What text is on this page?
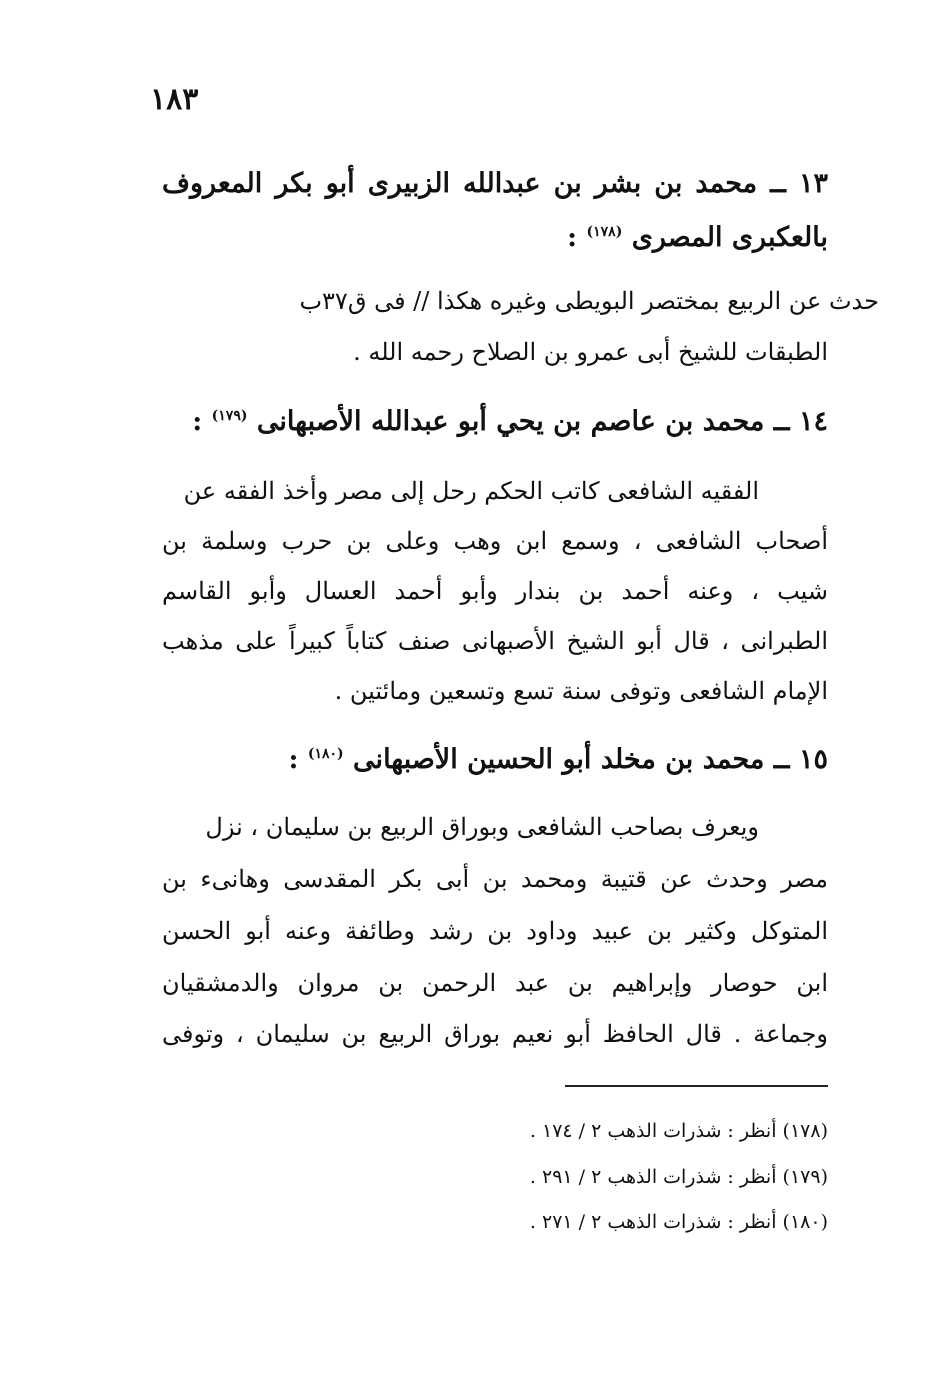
١٨٣
١٣ ــ محمد بن بشر بن عبدالله الزبيرى أبو بكر المعروف
بالعكبرى المصرى $^{(١٧٨)}$ :
حدث عن الربيع بمختصر البويطى وغيره هكذا // فى ق٣٧ب
الطبقات للشيخ أبى عمرو بن الصلاح رحمه الله .
١٤ ــ محمد بن عاصم بن يحي أبو عبدالله الأصبهانى $^{(١٧٩)}$ :
الفقيه الشافعى كاتب الحكم رحل إلى مصر وأخذ الفقه عن
أصحاب الشافعى ، وسمع ابن وهب وعلى بن حرب وسلمة بن
شيب ، وعنه أحمد بن بندار وأبو أحمد العسال وأبو القاسم
الطبرانى ، قال أبو الشيخ الأصبهانى صنف كتاباً كبيراً على مذهب
الإمام الشافعى وتوفى سنة تسع وتسعين ومائتين .
١٥ ــ محمد بن مخلد أبو الحسين الأصبهانى $^{(١٨٠)}$ :
ويعرف بصاحب الشافعى وبوراق الربيع بن سليمان ، نزل
مصر وحدث عن قتيبة ومحمد بن أبى بكر المقدسى وهانىء بن
المتوكل وكثير بن عبيد وداود بن رشد وطائفة وعنه أبو الحسن
ابن حوصار وإبراهيم بن عبد الرحمن بن مروان والدمشقيان
وجماعة . قال الحافظ أبو نعيم بوراق الربيع بن سليمان ، وتوفى
(١٧٨) أنظر : شذرات الذهب ٢ / ١٧٤ .
(١٧٩) أنظر : شذرات الذهب ٢ / ٢٩١ .
(١٨٠) أنظر : شذرات الذهب ٢ / ٢٧١ .
